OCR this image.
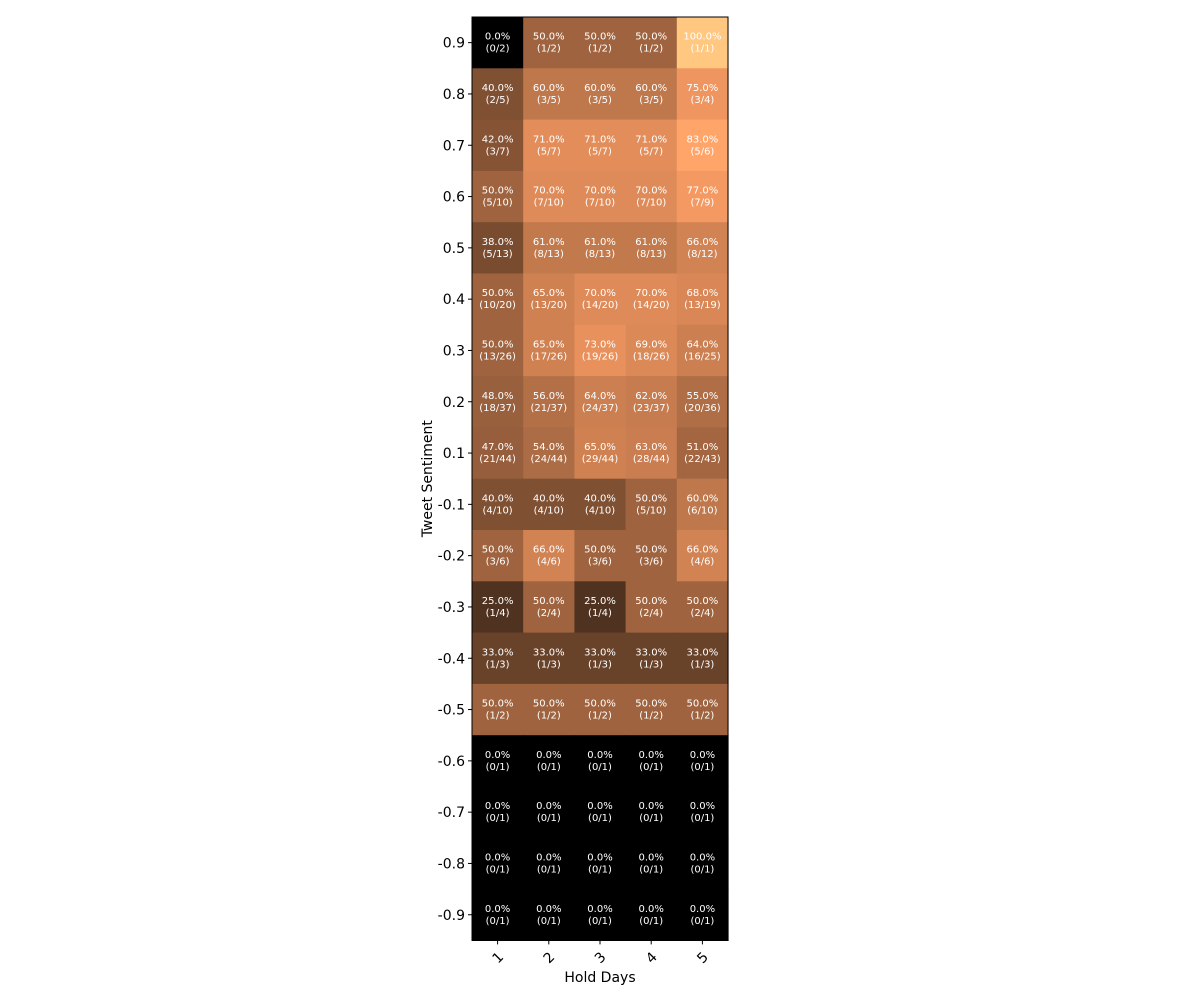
0.0%
(0/2)
50.0%
(1/2)
50.0%
(1/2)
50.0%
(1/2)
100.0%
(1/1)
40.0%
(2/5)
60.0%
(3/5)
60.0%
(3/5)
60.0%
(3/5)
75.0%
(3/4)
42.0%
(3/7)
71.0%
(5/7)
71.0%
(5/7)
71.0%
(5/7)
83.0%
(5/6)
50.0%
(5/10)
70.0%
(7/10)
70.0%
(7/10)
70.0%
(7/10)
77.0%
(7/9)
38.0%
(5/13)
61.0%
(8/13)
61.0%
(8/13)
61.0%
(8/13)
66.0%
(8/12)
50.0%
(10/20)
65.0%
(13/20)
70.0%
(14/20)
70.0%
(14/20)
68.0%
(13/19)
50.0%
(13/26)
65.0%
(17/26)
73.0%
(19/26)
69.0%
(18/26)
64.0%
(16/25)
48.0%
(18/37)
56.0%
(21/37)
64.0%
(24/37)
62.0%
(23/37)
55.0%
(20/36)
47.0%
(21/44)
54.0%
(24/44)
65.0%
(29/44)
63.0%
(28/44)
51.0%
(22/43)
40.0%
(4/10)
40.0%
(4/10)
40.0%
(4/10)
50.0%
(5/10)
60.0%
(6/10)
50.0%
(3/6)
66.0%
(4/6)
50.0%
(3/6)
50.0%
(3/6)
66.0%
(4/6)
25.0%
(1/4)
50.0%
(2/4)
25.0%
(1/4)
50.0%
(2/4)
50.0%
(2/4)
33.0%
(1/3)
33.0%
(1/3)
33.0%
(1/3)
33.0%
(1/3)
33.0%
(1/3)
50.0%
(1/2)
50.0%
(1/2)
50.0%
(1/2)
50.0%
(1/2)
50.0%
(1/2)
0.0%
(0/1)
0.0%
(0/1)
0.0%
(0/1)
0.0%
(0/1)
0.0%
(0/1)
0.0%
(0/1)
0.0%
(0/1)
0.0%
(0/1)
0.0%
(0/1)
0.0%
(0/1)
0.0%
(0/1)
0.0%
(0/1)
0.0%
(0/1)
0.0%
(0/1)
0.0%
(0/1)
0.0%
(0/1)
0.0%
(0/1)
0.0%
(0/1)
0.0%
(0/1)
0.0%
(0/1)
0.9
0.8
0.7
0.6
0.5
0.4
0.3
0.2
0.1
-0.1
-0.2
-0.3
-0.4
-0.5
-0.6
-0.7
-0.8
-0.9
1 2 3 4 5
Hold Days
Tweet Sentiment
